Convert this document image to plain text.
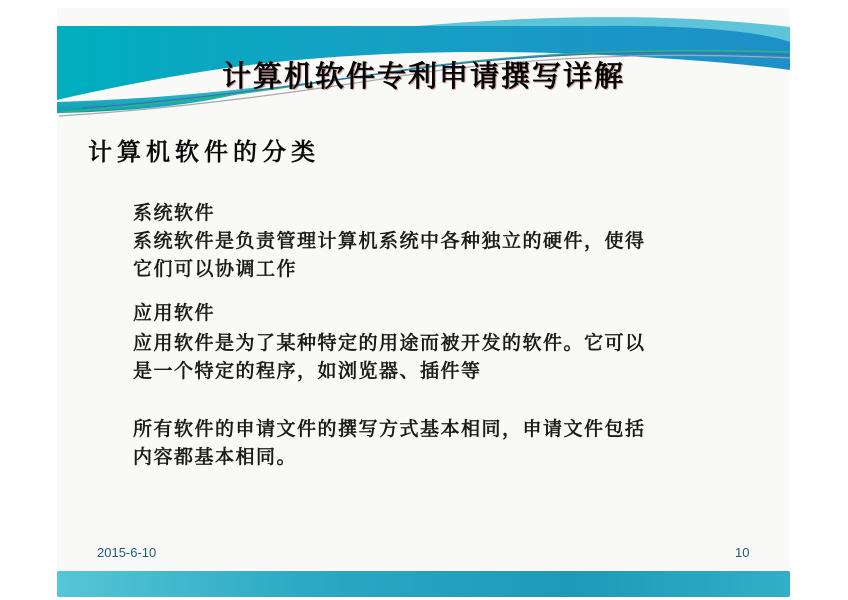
计算机软件专利申请撰写详解
计算机软件的分类
系统软件
系统软件是负责管理计算机系统中各种独立的硬件，使得
它们可以协调工作
应用软件
应用软件是为了某种特定的用途而被开发的软件。它可以
是一个特定的程序，如浏览器、插件等
所有软件的申请文件的撰写方式基本相同，申请文件包括
内容都基本相同。
2015-6-10	10
